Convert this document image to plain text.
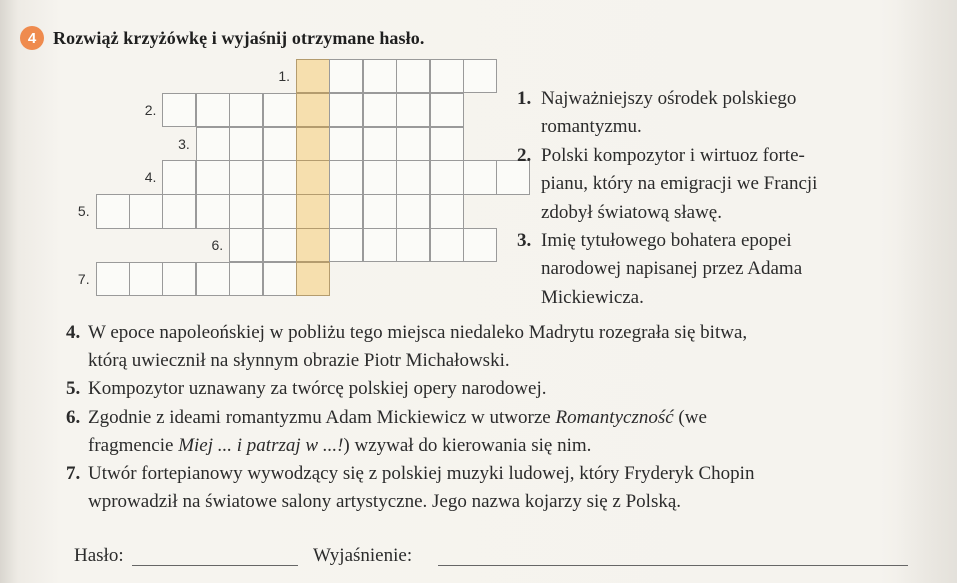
4 Rozwiąż krzyżówkę i wyjaśnij otrzymane hasło.
1.
2.
3.
4.
5.
6.
7.
1. Najważniejszy ośrodek polskiego
romantyzmu.
2. Polski kompozytor i wirtuoz forte-
pianu, który na emigracji we Francji
zdobył światową sławę.
3. Imię tytułowego bohatera epopei
narodowej napisanej przez Adama
Mickiewicza.
4. W epoce napoleońskiej w pobliżu tego miejsca niedaleko Madrytu rozegrała się bitwa,
którą uwiecznił na słynnym obrazie Piotr Michałowski.
5. Kompozytor uznawany za twórcę polskiej opery narodowej.
6. Zgodnie z ideami romantyzmu Adam Mickiewicz w utworze Romantyczność (we
fragmencie Miej ... i patrzaj w ...!) wzywał do kierowania się nim.
7. Utwór fortepianowy wywodzący się z polskiej muzyki ludowej, który Fryderyk Chopin
wprowadził na światowe salony artystyczne. Jego nazwa kojarzy się z Polską.
Hasło:	Wyjaśnienie:
